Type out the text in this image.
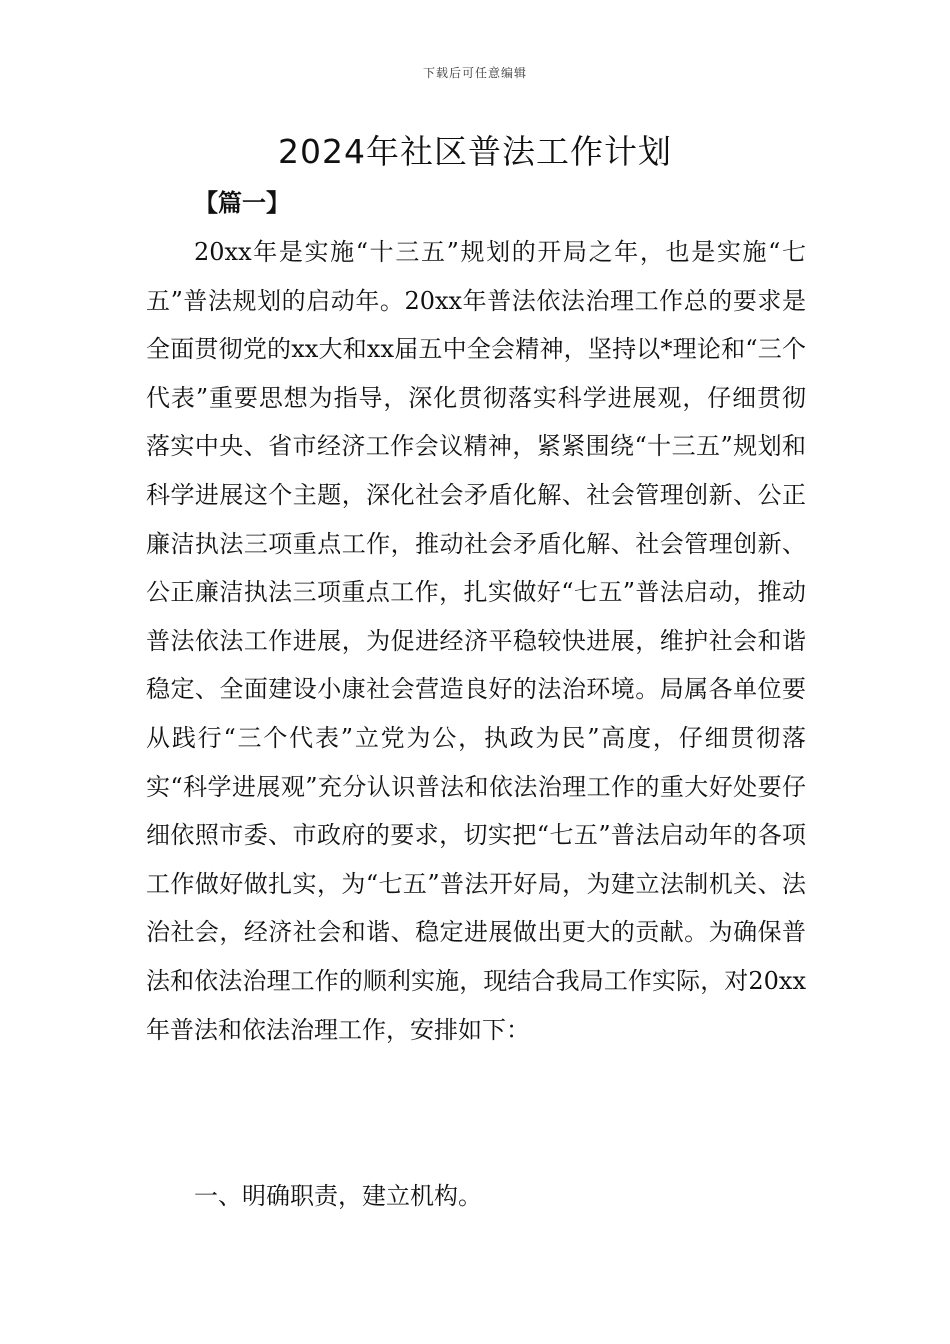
下载后可任意编辑
2024年社区普法工作计划
【篇一】

20xx年是实施“十三五”规划的开局之年，也是实施“七五”普法规划的启动年。20xx年普法依法治理工作总的要求是全面贯彻党的xx大和xx届五中全会精神，坚持以*理论和“三个代表”重要思想为指导，深化贯彻落实科学进展观，仔细贯彻落实中央、省市经济工作会议精神，紧紧围绕“十三五”规划和科学进展这个主题，深化社会矛盾化解、社会管理创新、公正廉洁执法三项重点工作，推动社会矛盾化解、社会管理创新、公正廉洁执法三项重点工作，扎实做好“七五”普法启动，推动普法依法工作进展，为促进经济平稳较快进展，维护社会和谐稳定、全面建设小康社会营造良好的法治环境。局属各单位要从践行“三个代表”立党为公，执政为民”高度，仔细贯彻落实“科学进展观”充分认识普法和依法治理工作的重大好处要仔细依照市委、市政府的要求，切实把“七五”普法启动年的各项工作做好做扎实，为“七五”普法开好局，为建立法制机关、法治社会，经济社会和谐、稳定进展做出更大的贡献。为确保普法和依法治理工作的顺利实施，现结合我局工作实际，对20xx年普法和依法治理工作，安排如下：

一、明确职责，建立机构。
